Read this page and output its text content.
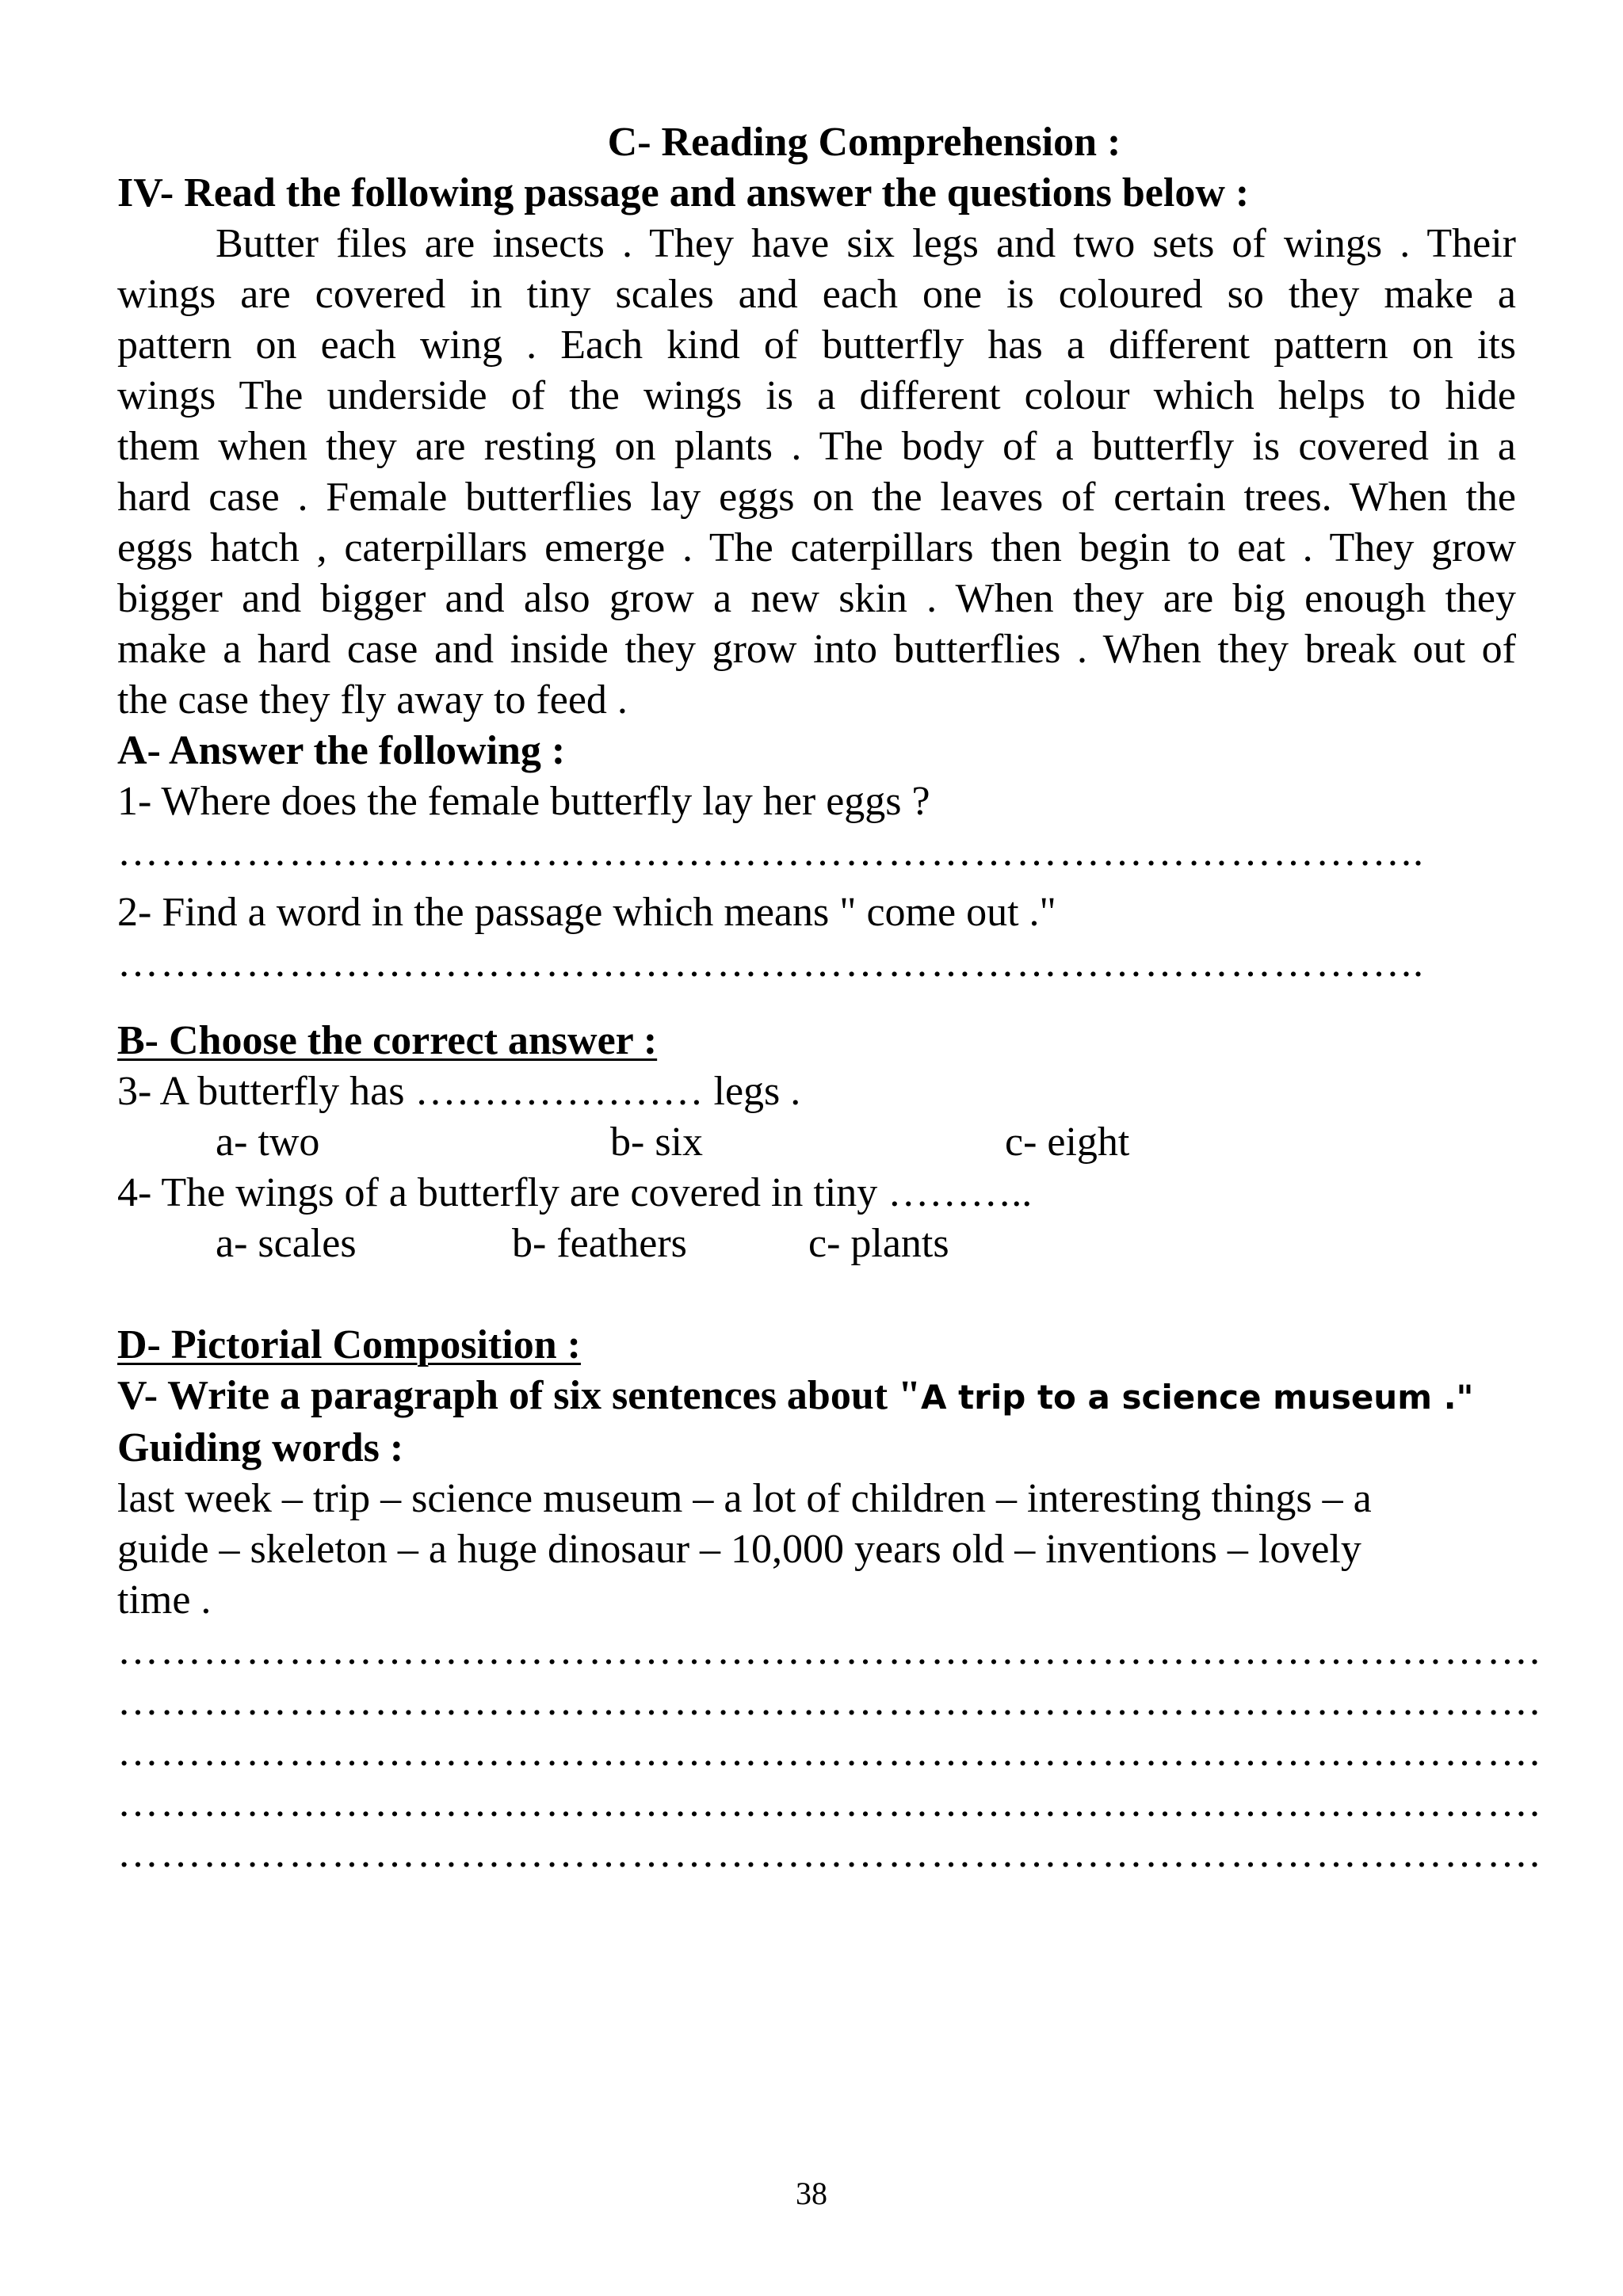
C- Reading Comprehension :
IV- Read the following passage and answer the questions below :
Butter files are insects . They have six legs and two sets of wings . Their
wings are covered in tiny scales and each one is coloured so they make a
pattern on each wing . Each kind of butterfly has a different pattern on its
wings The underside of the wings is a different colour which helps to hide
them when they are resting on plants . The body of a butterfly is covered in a
hard case . Female butterflies lay eggs on the leaves of certain trees. When the
eggs hatch , caterpillars emerge . The caterpillars then begin to eat . They grow
bigger and bigger and also grow a new skin . When they are big enough they
make a hard case and inside they grow into butterflies . When they break out of
the case they fly away to feed .
A- Answer the following :
1- Where does the female butterfly lay her eggs ?
………………………………………………………………………………..
2- Find a word in the passage which means " come out ."
………………………………………………………………………………..
B- Choose the correct answer :
3- A butterfly has ………………… legs .
a- two	b- six	c- eight
4- The wings of a butterfly are covered in tiny ………..
a- scales	b- feathers	c- plants
D- Pictorial Composition :
V- Write a paragraph of six sentences about "A trip to a science museum ."
Guiding words :
last week – trip – science museum – a lot of children – interesting things – a
guide – skeleton – a huge dinosaur – 10,000 years old – inventions – lovely
time .
……………………………………………………………………………………….
……………………………………………………………………………………….
……………………………………………………………………………………….
……………………………………………………………………………………….
……………………………………………………………………………………….
38
